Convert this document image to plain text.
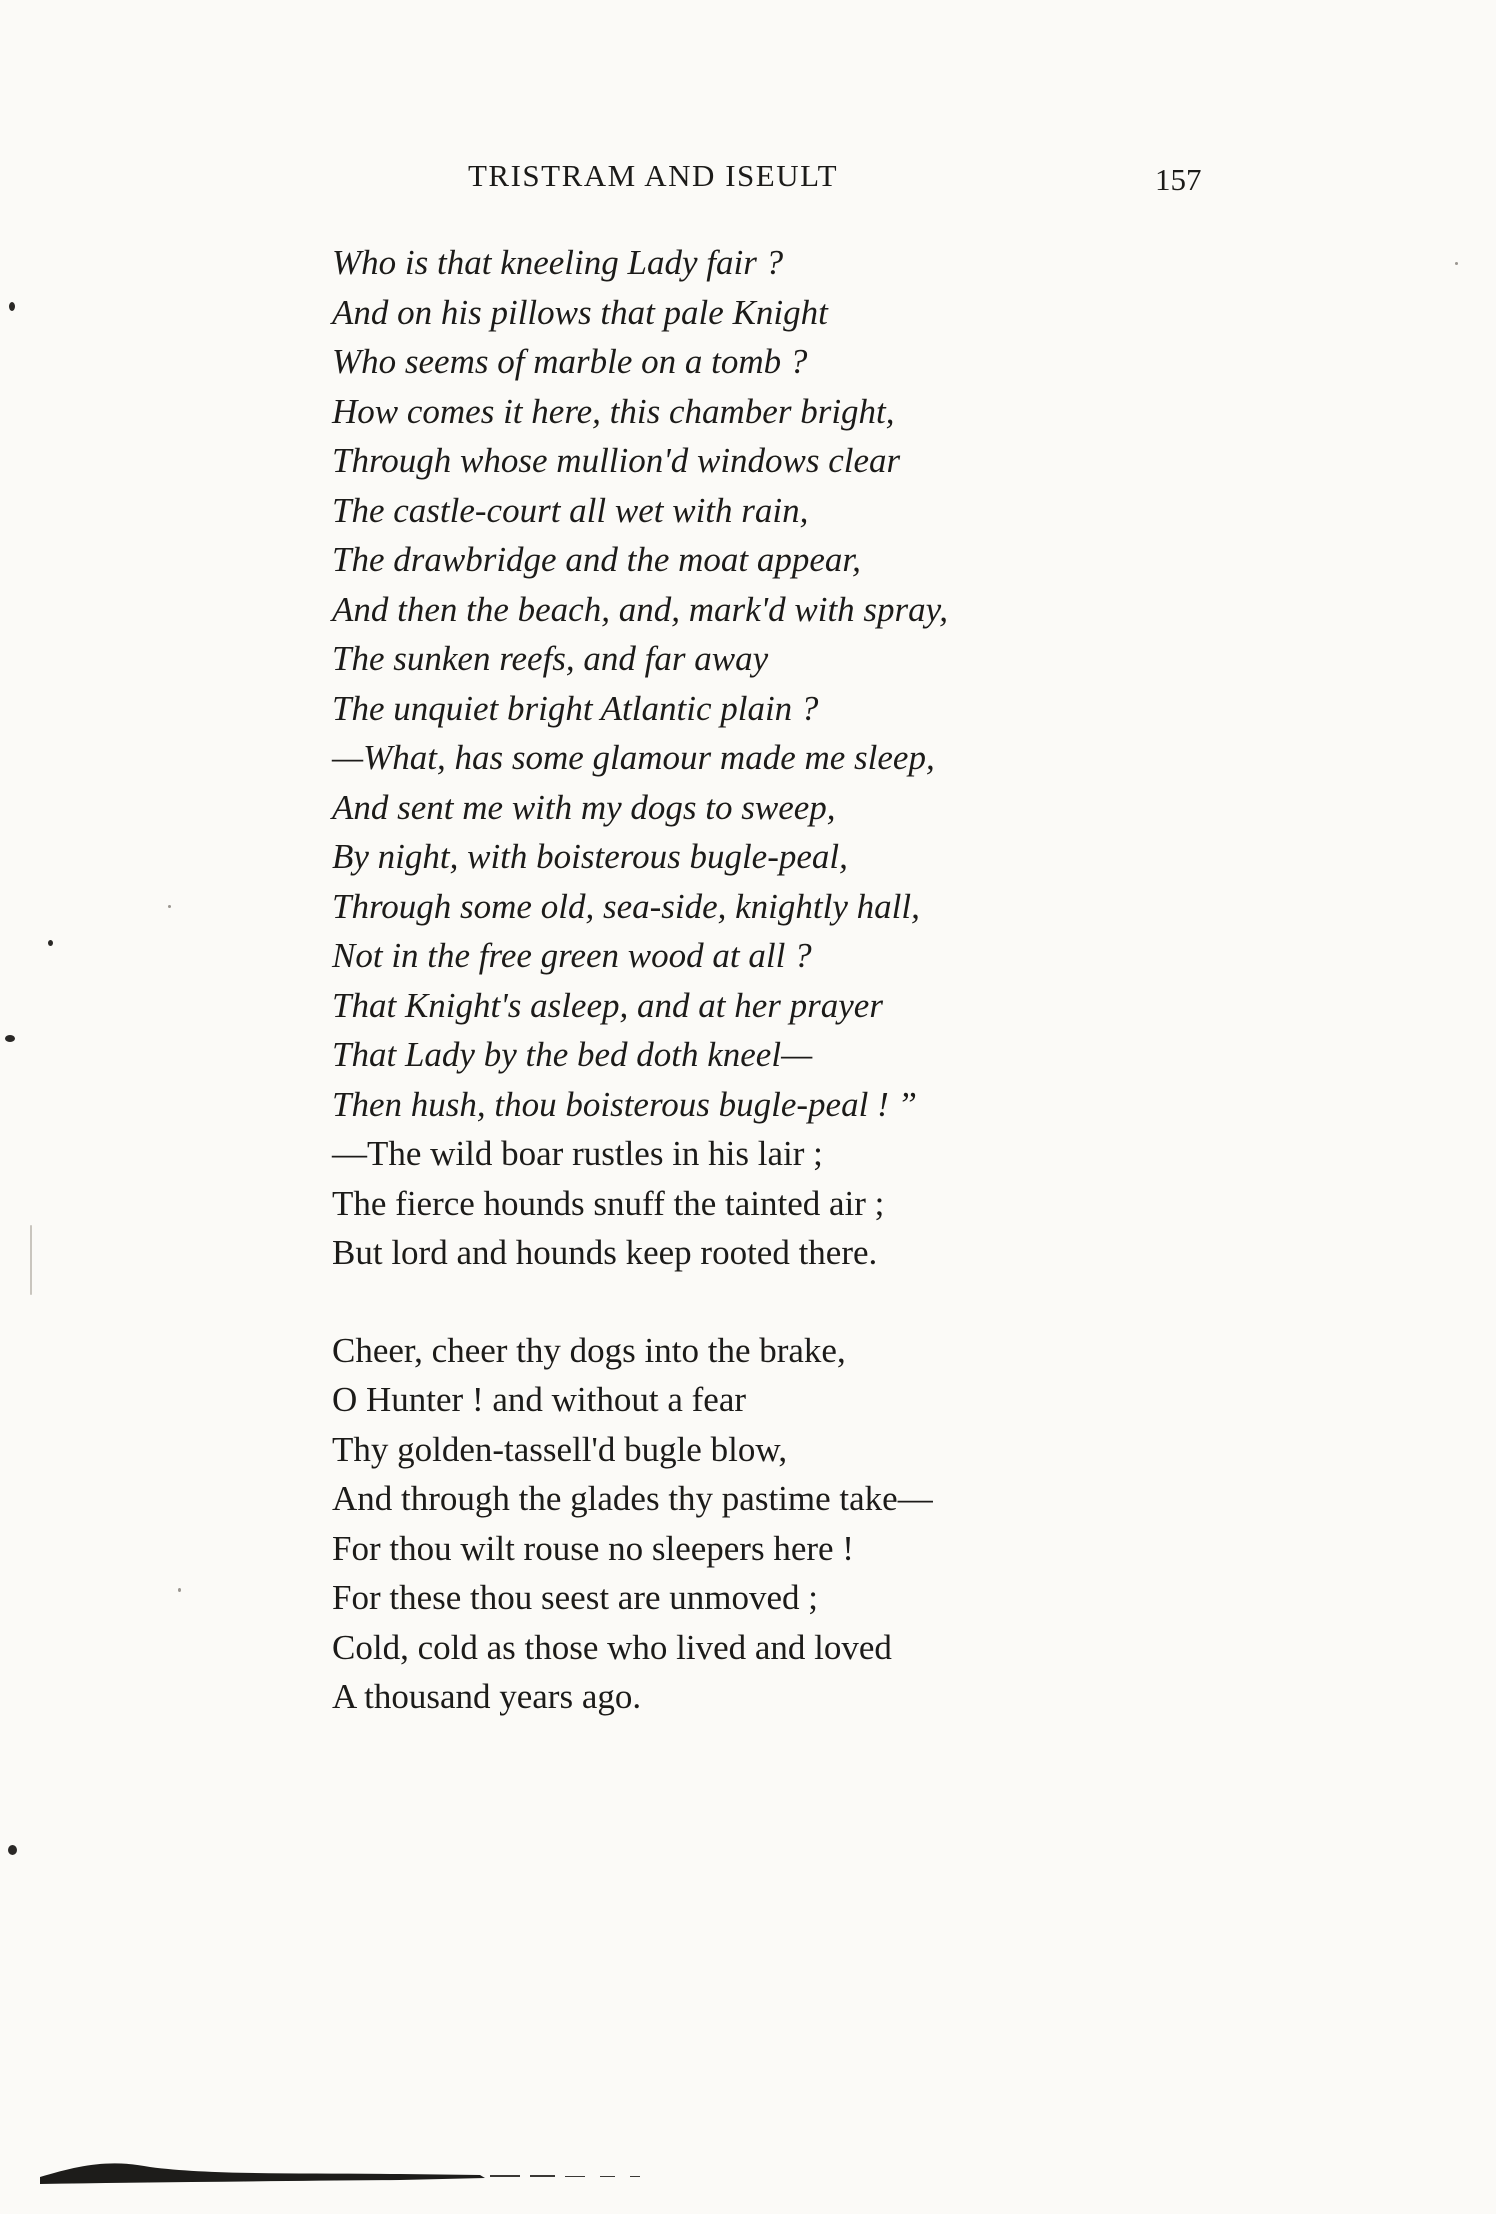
TRISTRAM AND ISEULT	157
Who is that kneeling Lady fair ?
And on his pillows that pale Knight
Who seems of marble on a tomb ?
How comes it here, this chamber bright,
Through whose mullion'd windows clear
The castle-court all wet with rain,
The drawbridge and the moat appear,
And then the beach, and, mark'd with spray,
The sunken reefs, and far away
The unquiet bright Atlantic plain ?
—What, has some glamour made me sleep,
And sent me with my dogs to sweep,
By night, with boisterous bugle-peal,
Through some old, sea-side, knightly hall,
Not in the free green wood at all ?
That Knight's asleep, and at her prayer
That Lady by the bed doth kneel—
Then hush, thou boisterous bugle-peal ! ”
—The wild boar rustles in his lair ;
The fierce hounds snuff the tainted air ;
But lord and hounds keep rooted there.
Cheer, cheer thy dogs into the brake,
O Hunter ! and without a fear
Thy golden-tassell'd bugle blow,
And through the glades thy pastime take—
For thou wilt rouse no sleepers here !
For these thou seest are unmoved ;
Cold, cold as those who lived and loved
A thousand years ago.
